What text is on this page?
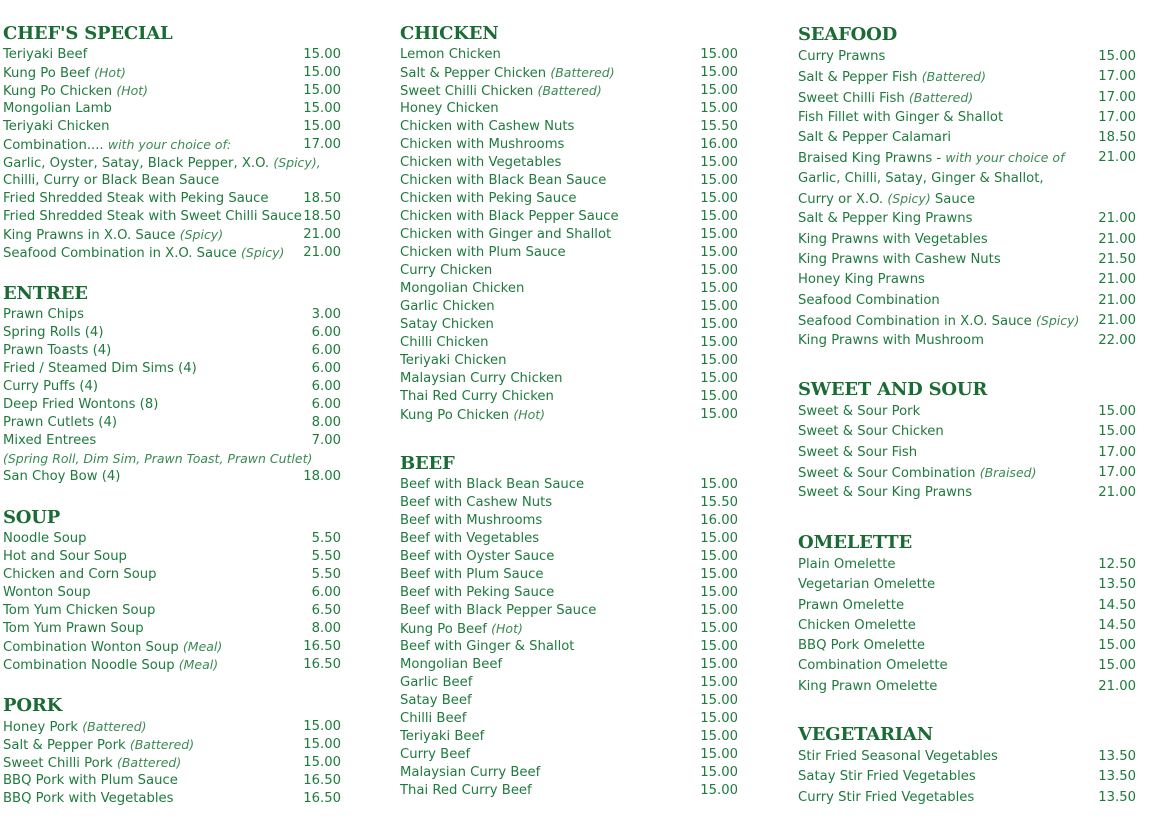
CHEF'S SPECIAL
Teriyaki Beef	15.00
Kung Po Beef (Hot)	15.00
Kung Po Chicken (Hot)	15.00
Mongolian Lamb	15.00
Teriyaki Chicken	15.00
Combination.... with your choice of:	17.00
Garlic, Oyster, Satay, Black Pepper, X.O. (Spicy),
Chilli, Curry or Black Bean Sauce
Fried Shredded Steak with Peking Sauce	18.50
Fried Shredded Steak with Sweet Chilli Sauce 18.50
King Prawns in X.O. Sauce (Spicy)	21.00
Seafood Combination in X.O. Sauce (Spicy) 21.00
ENTREE
Prawn Chips	3.00
Spring Rolls (4)	6.00
Prawn Toasts (4)	6.00
Fried / Steamed Dim Sims (4)	6.00
Curry Puffs (4)	6.00
Deep Fried Wontons (8)	6.00
Prawn Cutlets (4)	8.00
Mixed Entrees	7.00
(Spring Roll, Dim Sim, Prawn Toast, Prawn Cutlet)
San Choy Bow (4)	18.00
SOUP
Noodle Soup	5.50
Hot and Sour Soup	5.50
Chicken and Corn Soup	5.50
Wonton Soup	6.00
Tom Yum Chicken Soup	6.50
Tom Yum Prawn Soup	8.00
Combination Wonton Soup (Meal)	16.50
Combination Noodle Soup (Meal)	16.50
PORK
Honey Pork (Battered)	15.00
Salt & Pepper Pork (Battered)	15.00
Sweet Chilli Pork (Battered)	15.00
BBQ Pork with Plum Sauce	16.50
BBQ Pork with Vegetables	16.50
CHICKEN
Lemon Chicken	15.00
Salt & Pepper Chicken (Battered)	15.00
Sweet Chilli Chicken (Battered)	15.00
Honey Chicken	15.00
Chicken with Cashew Nuts	15.50
Chicken with Mushrooms	16.00
Chicken with Vegetables	15.00
Chicken with Black Bean Sauce	15.00
Chicken with Peking Sauce	15.00
Chicken with Black Pepper Sauce	15.00
Chicken with Ginger and Shallot	15.00
Chicken with Plum Sauce	15.00
Curry Chicken	15.00
Mongolian Chicken	15.00
Garlic Chicken	15.00
Satay Chicken	15.00
Chilli Chicken	15.00
Teriyaki Chicken	15.00
Malaysian Curry Chicken	15.00
Thai Red Curry Chicken	15.00
Kung Po Chicken (Hot)	15.00
BEEF
Beef with Black Bean Sauce	15.00
Beef with Cashew Nuts	15.50
Beef with Mushrooms	16.00
Beef with Vegetables	15.00
Beef with Oyster Sauce	15.00
Beef with Plum Sauce	15.00
Beef with Peking Sauce	15.00
Beef with Black Pepper Sauce	15.00
Kung Po Beef (Hot)	15.00
Beef with Ginger & Shallot	15.00
Mongolian Beef	15.00
Garlic Beef	15.00
Satay Beef	15.00
Chilli Beef	15.00
Teriyaki Beef	15.00
Curry Beef	15.00
Malaysian Curry Beef	15.00
Thai Red Curry Beef	15.00
SEAFOOD
Curry Prawns	15.00
Salt & Pepper Fish (Battered)	17.00
Sweet Chilli Fish (Battered)	17.00
Fish Fillet with Ginger & Shallot	17.00
Salt & Pepper Calamari	18.50
Braised King Prawns - with your choice of	21.00
Garlic, Chilli, Satay, Ginger & Shallot,
Curry or X.O. (Spicy) Sauce
Salt & Pepper King Prawns	21.00
King Prawns with Vegetables	21.00
King Prawns with Cashew Nuts	21.50
Honey King Prawns	21.00
Seafood Combination	21.00
Seafood Combination in X.O. Sauce (Spicy) 21.00
King Prawns with Mushroom	22.00
SWEET AND SOUR
Sweet & Sour Pork	15.00
Sweet & Sour Chicken	15.00
Sweet & Sour Fish	17.00
Sweet & Sour Combination (Braised)	17.00
Sweet & Sour King Prawns	21.00
OMELETTE
Plain Omelette	12.50
Vegetarian Omelette	13.50
Prawn Omelette	14.50
Chicken Omelette	14.50
BBQ Pork Omelette	15.00
Combination Omelette	15.00
King Prawn Omelette	21.00
VEGETARIAN
Stir Fried Seasonal Vegetables	13.50
Satay Stir Fried Vegetables	13.50
Curry Stir Fried Vegetables	13.50
